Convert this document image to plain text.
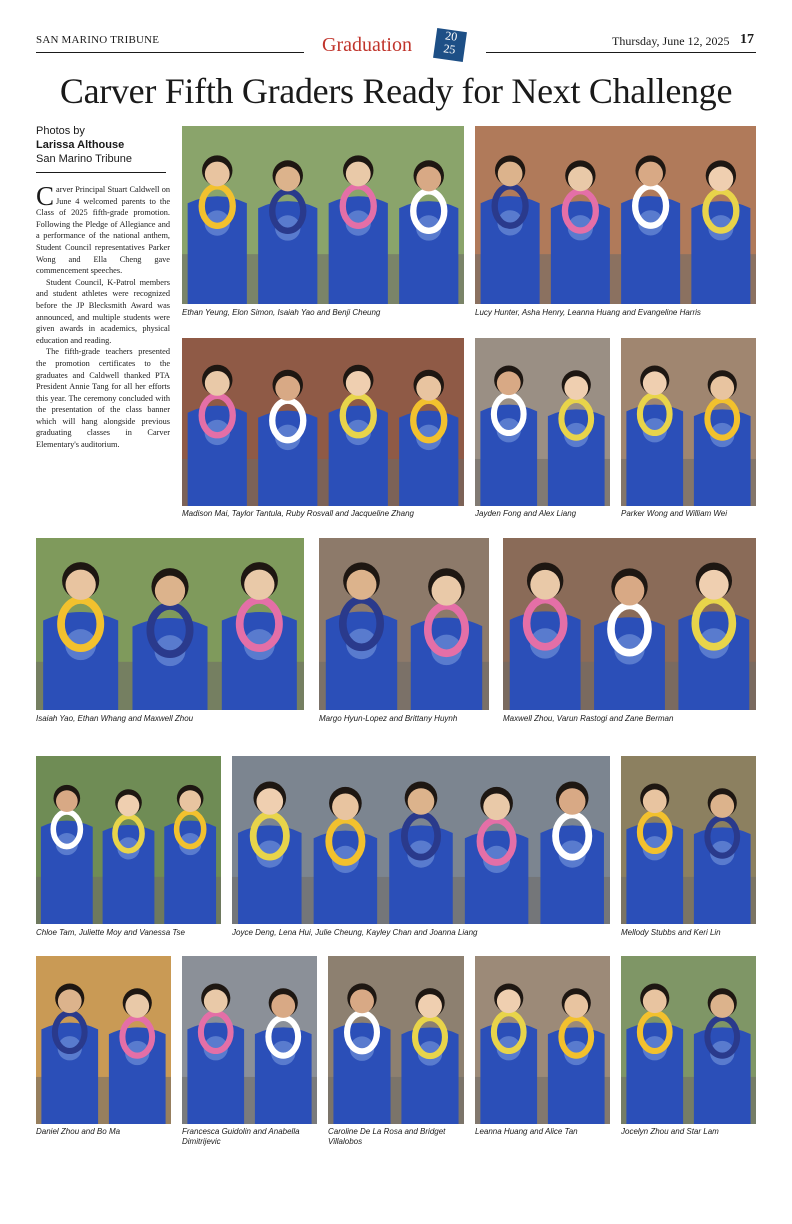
SAN MARINO TRIBUNE	Graduation	20
25
Thursday, June 12, 2025 17
Carver Fifth Graders Ready for Next Challenge
Photos by
Larissa Althouse
San Marino Tribune

Carver Principal Stuart Caldwell on June 4 welcomed parents to the Class of 2025 fifth-grade promotion. Following the Pledge of Allegiance and a performance of the national anthem, Student Council representatives Parker Wong and Ella Cheng gave commencement speeches.

Student Council, K-Patrol members and student athletes were recognized before the JP Blecksmith Award was announced, and multiple students were given awards in academics, physical education and reading.

The fifth-grade teachers presented the promotion certificates to the graduates and Caldwell thanked PTA President Annie Tang for all her efforts this year. The ceremony concluded with the presentation of the class banner which will hang alongside previous graduating classes in Carver Elementary's auditorium.

Ethan Yeung, Elon Simon, Isaiah Yao and Benji Cheung	Lucy Hunter, Asha Henry, Leanna Huang and Evangeline Harris
Madison Mai, Taylor Tantula, Ruby Rosvall and Jacqueline Zhang	Jayden Fong and Alex Liang	Parker Wong and William Wei
Isaiah Yao, Ethan Whang and Maxwell Zhou	Margo Hyun-Lopez and Brittany Huynh	Maxwell Zhou, Varun Rastogi and Zane Berman
Chloe Tam, Juliette Moy and Vanessa Tse	Joyce Deng, Lena Hui, Julie Cheung, Kayley Chan and Joanna Liang	Mellody Stubbs and Keri Lin
Daniel Zhou and Bo Ma	Francesca Guidolin and Anabella Dimitrijevic
Caroline De La Rosa and Bridget Villalobos
Leanna Huang and Alice Tan	Jocelyn Zhou and Star Lam
